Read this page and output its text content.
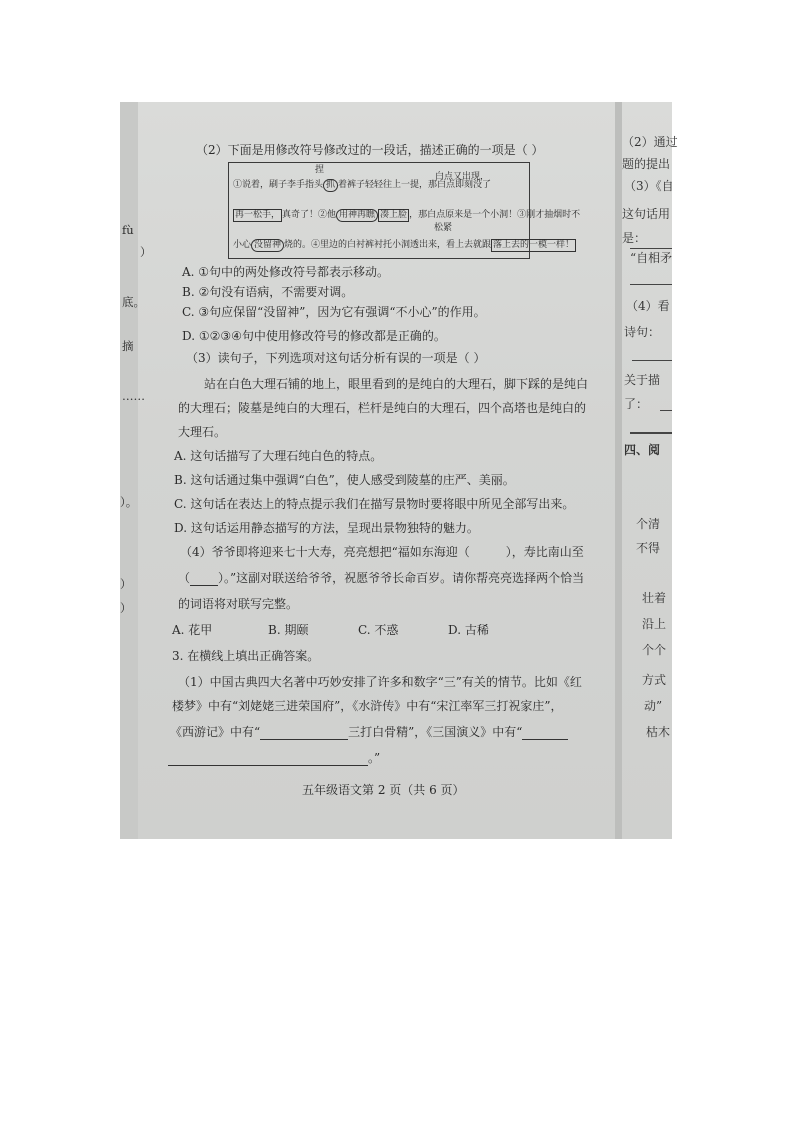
fù
）
底。
摘
……
）。
）
）
（2）下面是用修改符号修改过的一段话，描述正确的一项是（ ）
捏
①说着，刷子李手指头 抓 着裤子轻轻往上一提，那白点即刻没了
白点又出现，
再一松手， 真奇了！②他 用神再瞧 凑上脸 ，那白点原来是一个小洞！③刚才抽烟时不
松紧
小心 没留神 烧的。④里边的白衬裤衬托小洞透出来，看上去就跟 落上去的一模一样！
A. ①句中的两处修改符号都表示移动。
B. ②句没有语病，不需要对调。
C. ③句应保留“没留神”，因为它有强调“不小心”的作用。
D. ①②③④句中使用修改符号的修改都是正确的。
（3）读句子，下列选项对这句话分析有误的一项是（ ）
站在白色大理石铺的地上，眼里看到的是纯白的大理石，脚下踩的是纯白
的大理石；陵墓是纯白的大理石，栏杆是纯白的大理石，四个高塔也是纯白的
大理石。
A. 这句话描写了大理石纯白色的特点。
B. 这句话通过集中强调“白色”，使人感受到陵墓的庄严、美丽。
C. 这句话在表达上的特点提示我们在描写景物时要将眼中所见全部写出来。
D. 这句话运用静态描写的方法，呈现出景物独特的魅力。
（4）爷爷即将迎来七十大寿，亮亮想把“福如东海迎（	），寿比南山至
（ ）。”这副对联送给爷爷，祝愿爷爷长命百岁。请你帮亮亮选择两个恰当
的词语将对联写完整。
A. 花甲	B. 期颐	C. 不惑	D. 古稀
3. 在横线上填出正确答案。
（1）中国古典四大名著中巧妙安排了许多和数字“三”有关的情节。比如《红
楼梦》中有“刘姥姥三进荣国府”，《水浒传》中有“宋江率军三打祝家庄”，
《西游记》中有“	三打白骨精”，《三国演义》中有“
。”
五年级语文第 2 页（共 6 页）
（2）通过
题的提出
（3）《自
这句话用
是：
“自相矛
（4）看
诗句：
关于描
了：
四、阅
个清
不得
壮着
沿上
个个
方式
动”
枯木
